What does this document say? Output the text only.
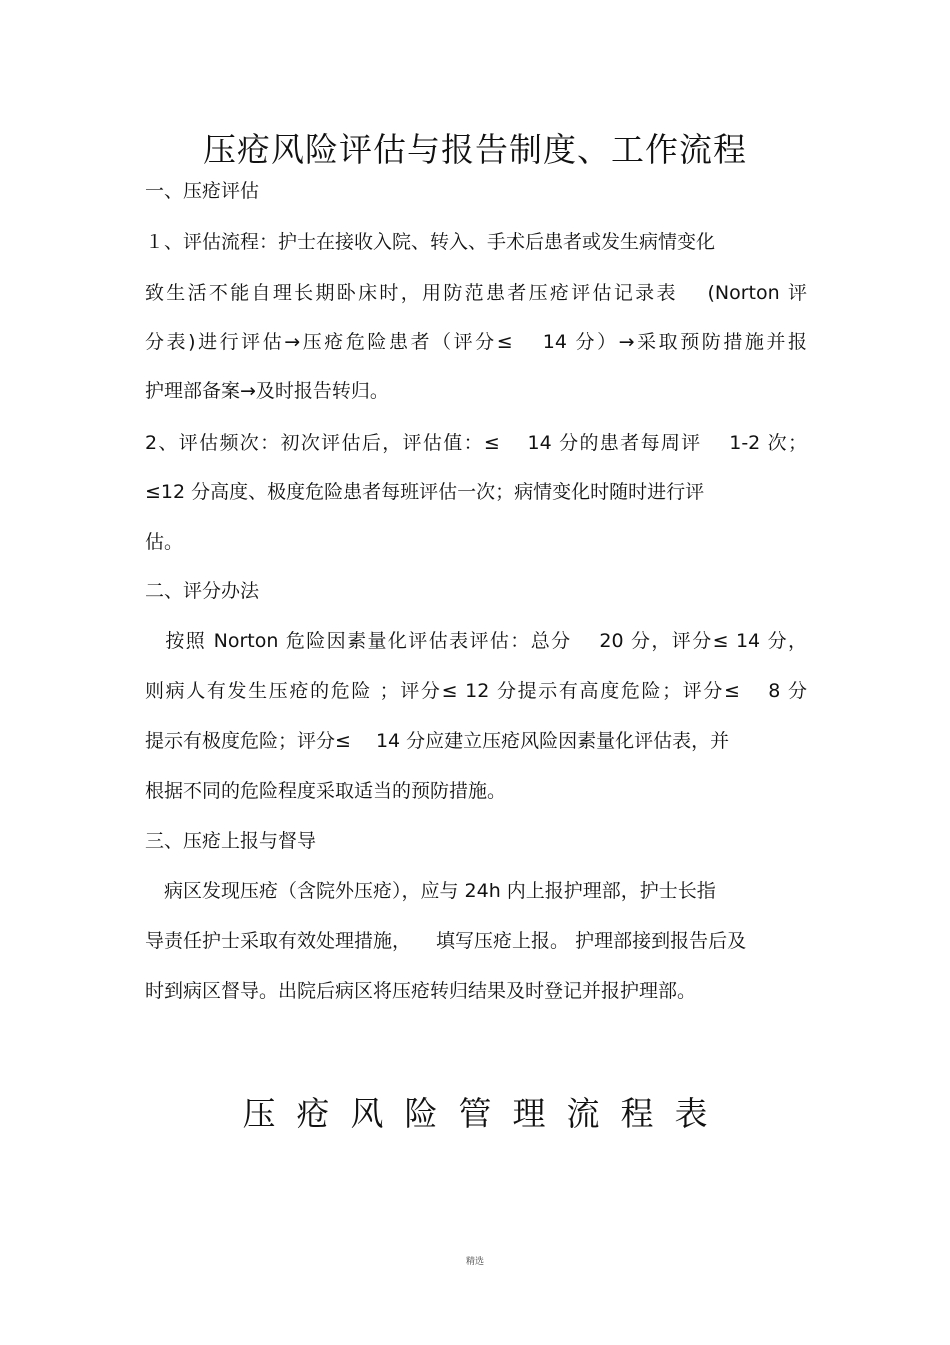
压疮风险评估与报告制度、工作流程
一、压疮评估
１、评估流程：护士在接收入院、转入、手术后患者或发生病情变化
致生活不能自理长期卧床时，用防范患者压疮评估记录表 　(Norton 评
分表)进行评估→压疮危险患者（评分≤ 　14 分）→采取预防措施并报
护理部备案→及时报告转归。
2、评估频次：初次评估后，评估值：≤ 　14 分的患者每周评 　1-2 次；
≤12 分高度、极度危险患者每班评估一次；病情变化时随时进行评
估。
二、评分办法
　按照 Norton 危险因素量化评估表评估：总分 　20 分，评分≤ 14 分，
则病人有发生压疮的危险 ；评分≤ 12 分提示有高度危险；评分≤ 　8 分
提示有极度危险；评分≤ 　14 分应建立压疮风险因素量化评估表，并
根据不同的危险程度采取适当的预防措施。
三、压疮上报与督导
　病区发现压疮（含院外压疮），应与 24h 内上报护理部，护士长指
导责任护士采取有效处理措施， 　填写压疮上报。 护理部接到报告后及
时到病区督导。出院后病区将压疮转归结果及时登记并报护理部。
压疮风险管理流程表
精选
